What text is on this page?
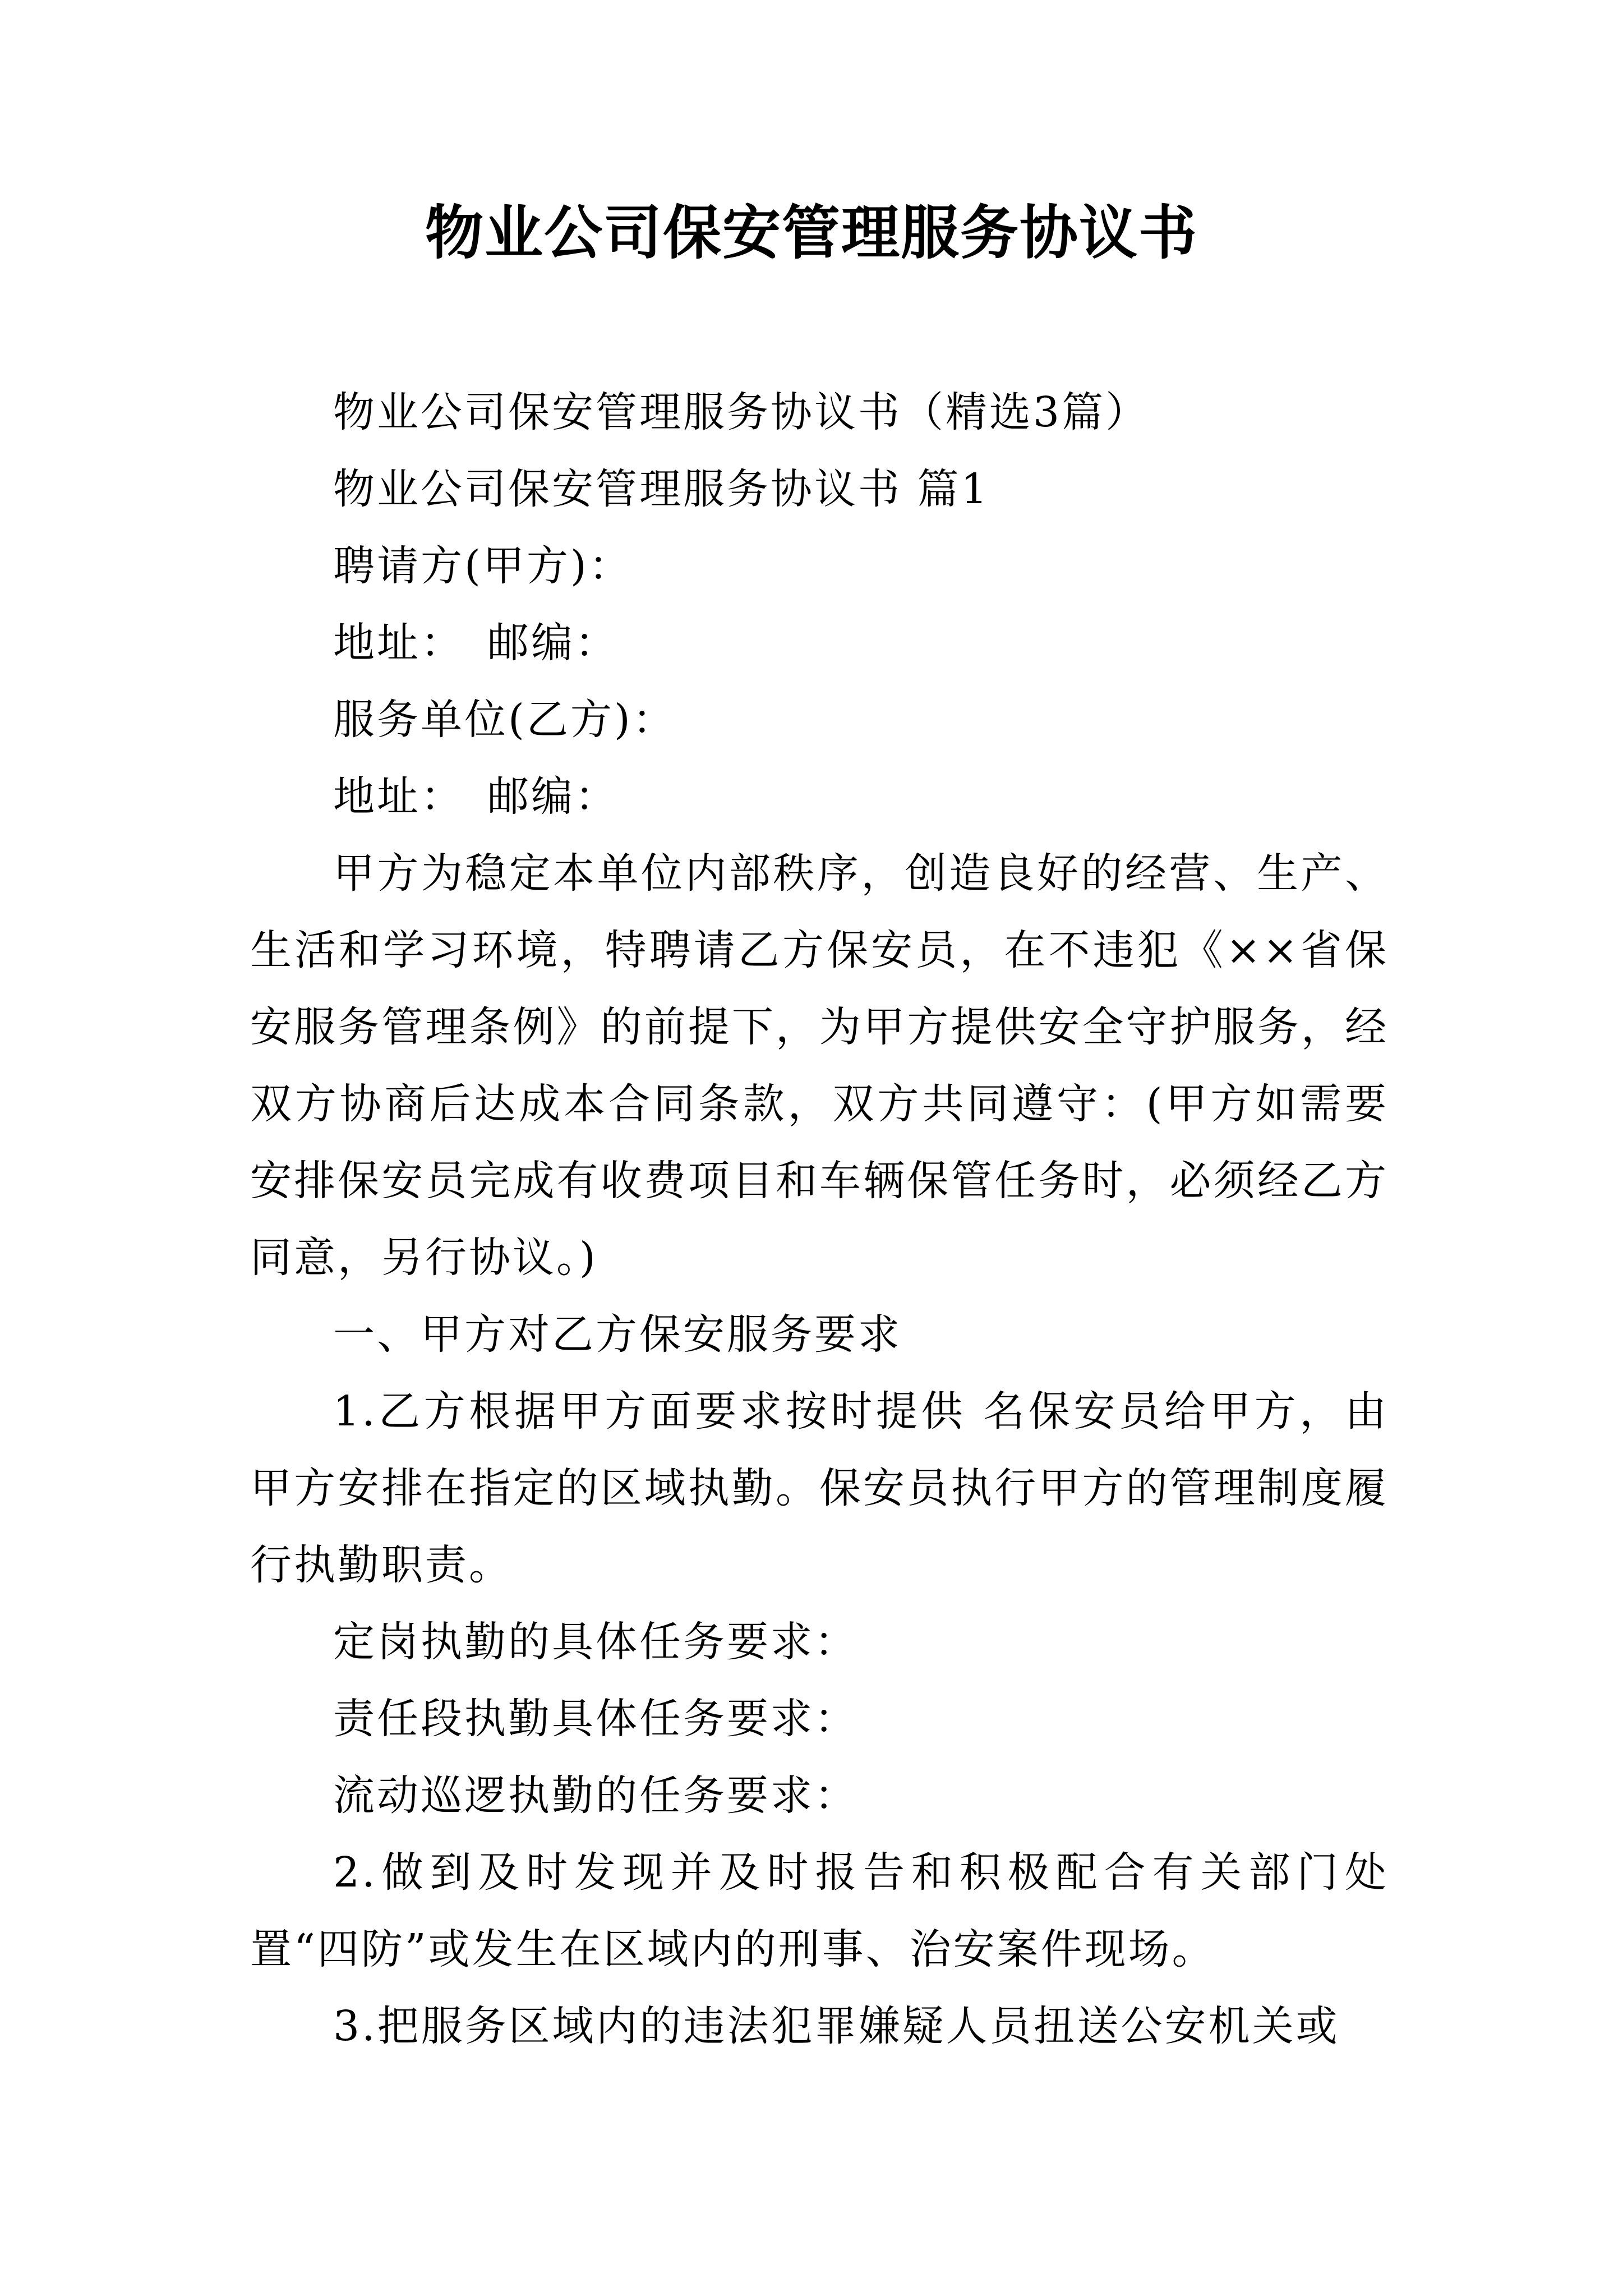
物业公司保安管理服务协议书

物业公司保安管理服务协议书（精选3篇）

物业公司保安管理服务协议书 篇1

聘请方(甲方)：

地址：　邮编：

服务单位(乙方)：

地址：　邮编：

甲方为稳定本单位内部秩序，创造良好的经营、生产、生活和学习环境，特聘请乙方保安员，在不违犯《××省保安服务管理条例》的前提下，为甲方提供安全守护服务，经双方协商后达成本合同条款，双方共同遵守：(甲方如需要安排保安员完成有收费项目和车辆保管任务时，必须经乙方同意，另行协议。)

一、甲方对乙方保安服务要求

1.乙方根据甲方面要求按时提供 名保安员给甲方，由甲方安排在指定的区域执勤。保安员执行甲方的管理制度履行执勤职责。

定岗执勤的具体任务要求：

责任段执勤具体任务要求：

流动巡逻执勤的任务要求：

2.做到及时发现并及时报告和积极配合有关部门处置“四防”或发生在区域内的刑事、治安案件现场。

3.把服务区域内的违法犯罪嫌疑人员扭送公安机关或
